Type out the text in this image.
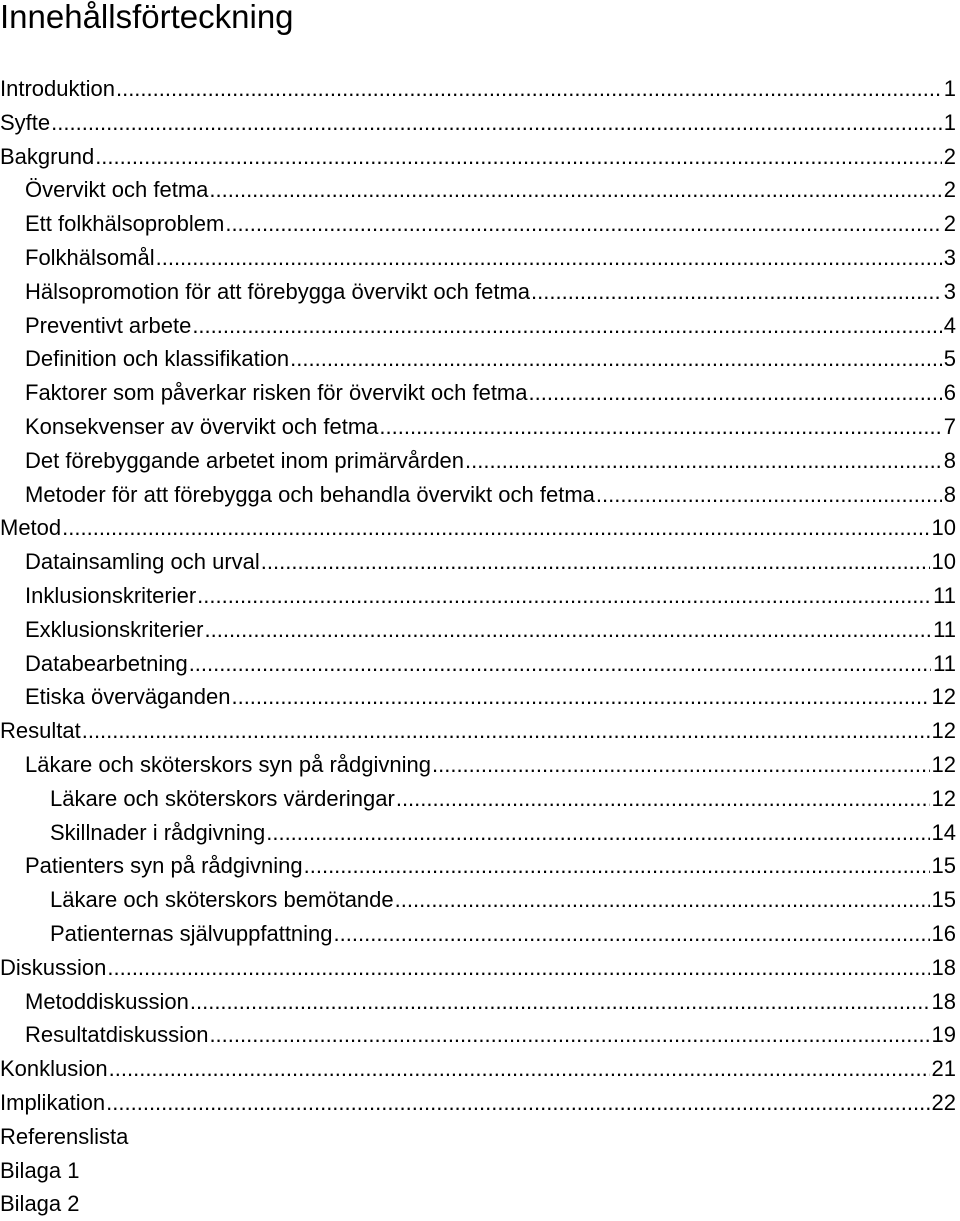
Innehållsförteckning
Introduktion .....	1
Syfte .....	1
Bakgrund .....	2
Övervikt och fetma .....	2
Ett folkhälsoproblem .....	2
Folkhälsomål .....	3
Hälsopromotion för att förebygga övervikt och fetma .....	3
Preventivt arbete .....	4
Definition och klassifikation .....	5
Faktorer som påverkar risken för övervikt och fetma .....	6
Konsekvenser av övervikt och fetma .....	7
Det förebyggande arbetet inom primärvården .....	8
Metoder för att förebygga och behandla övervikt och fetma .....	8
Metod .....	10
Datainsamling och urval .....	10
Inklusionskriterier .....	11
Exklusionskriterier .....	11
Databearbetning .....	11
Etiska överväganden .....	12
Resultat .....	12
Läkare och sköterskors syn på rådgivning .....	12
Läkare och sköterskors värderingar .....	12
Skillnader i rådgivning .....	14
Patienters syn på rådgivning .....	15
Läkare och sköterskors bemötande .....	15
Patienternas självuppfattning .....	16
Diskussion .....	18
Metoddiskussion .....	18
Resultatdiskussion .....	19
Konklusion .....	21
Implikation .....	22
Referenslista
Bilaga 1
Bilaga 2
